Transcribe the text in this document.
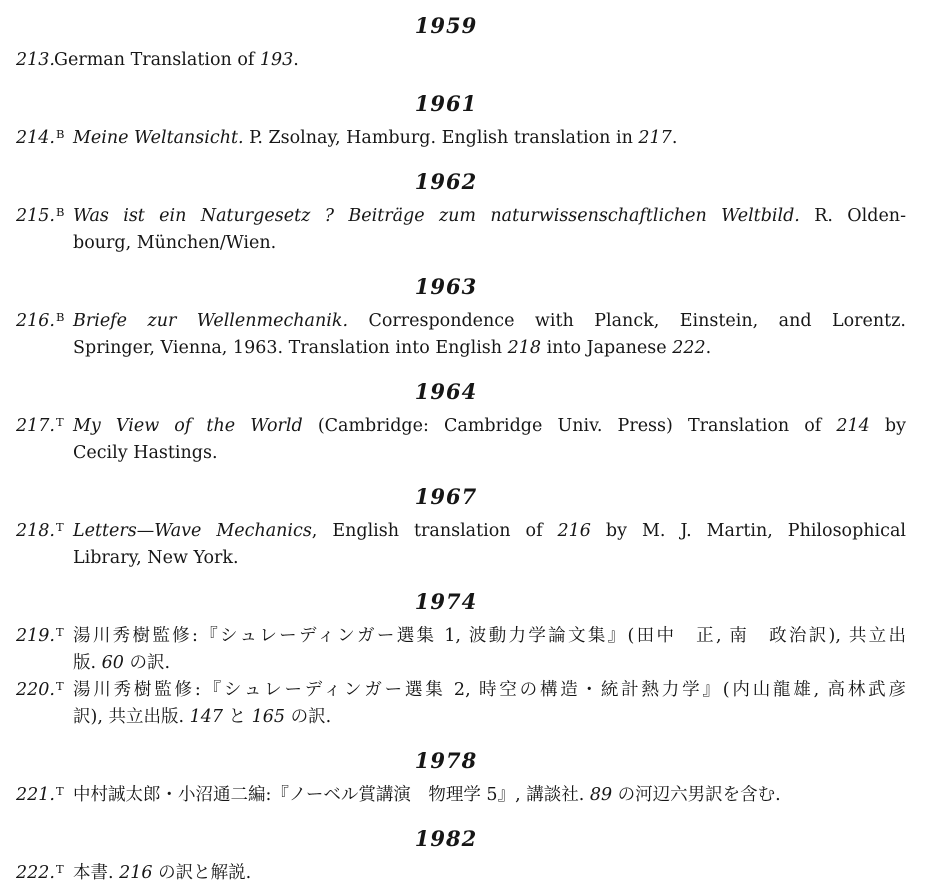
1959
213. German Translation of 193.
1961
214.$^B$ Meine Weltansicht. P. Zsolnay, Hamburg. English translation in 217.
1962
215.$^B$ Was ist ein Naturgesetz ? Beiträge zum naturwissenschaftlichen Weltbild. R. Olden-
bourg, München/Wien.
1963
216.$^B$ Briefe zur Wellenmechanik. Correspondence with Planck, Einstein, and Lorentz.
Springer, Vienna, 1963. Translation into English 218 into Japanese 222.
1964
217.$^T$ My View of the World (Cambridge: Cambridge Univ. Press) Translation of 214 by
Cecily Hastings.
1967
218.$^T$ Letters—Wave Mechanics, English translation of 216 by M. J. Martin, Philosophical
Library, New York.
1974
219.$^T$ 湯川秀樹監修:『シュレーディンガー選集 1, 波動力学論文集』(田中　正, 南　政治訳), 共立出
版. 60 の訳.
220.$^T$ 湯川秀樹監修:『シュレーディンガー選集 2, 時空の構造・統計熱力学』(内山龍雄, 高林武彦
訳), 共立出版. 147 と 165 の訳.
1978
221.$^T$ 中村誠太郎・小沼通二編:『ノーベル賞講演　物理学 5』, 講談社. 89 の河辺六男訳を含む.
1982
222.$^T$ 本書. 216 の訳と解説.
